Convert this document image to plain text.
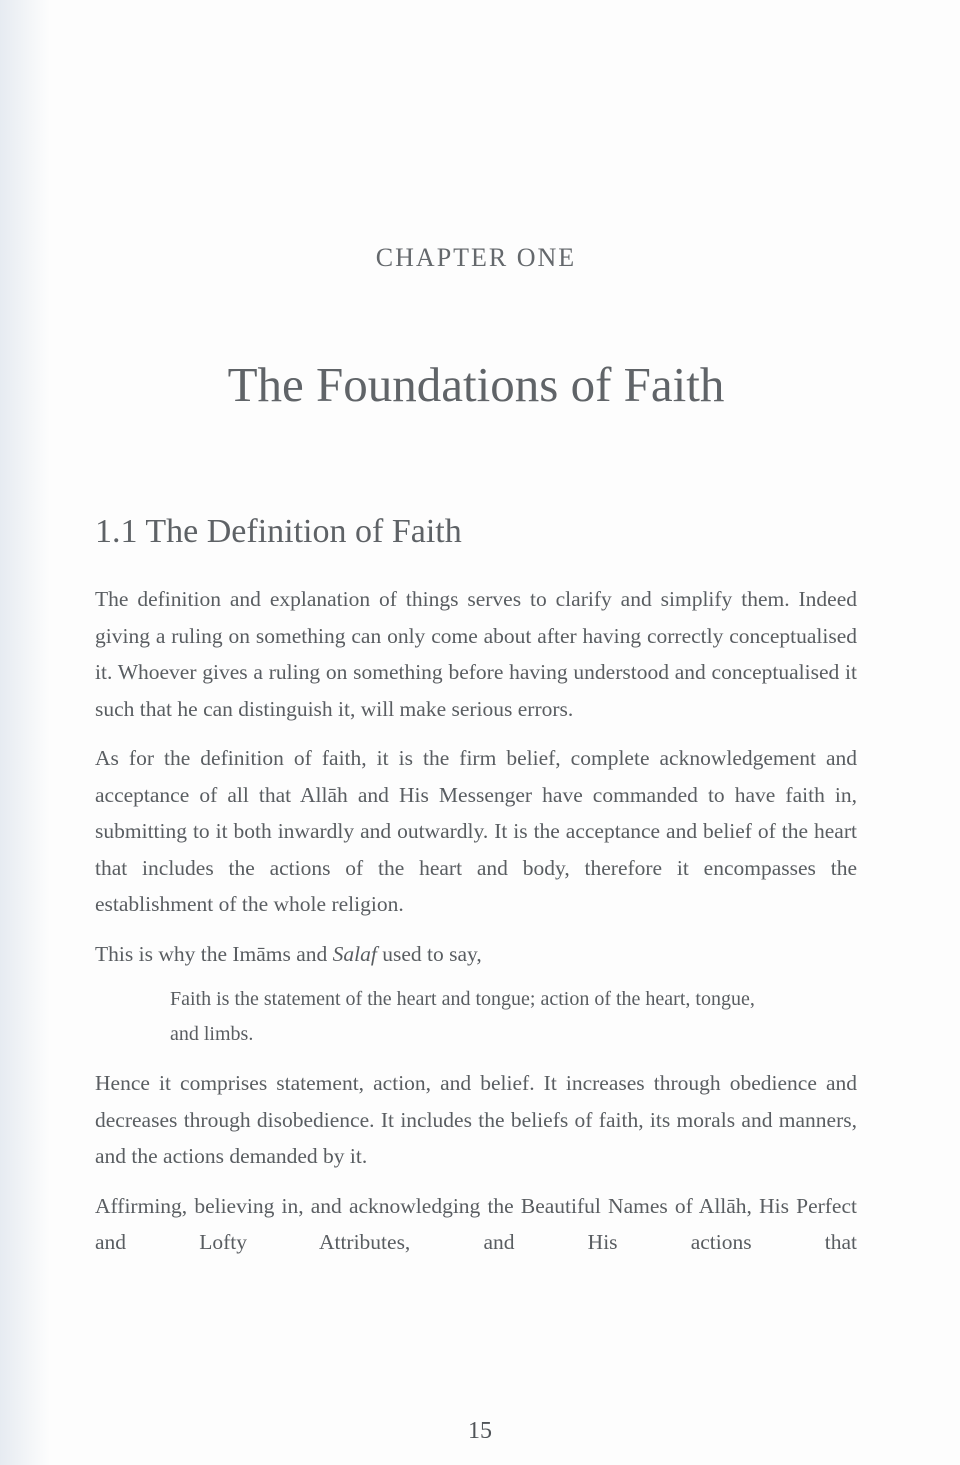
CHAPTER ONE
The Foundations of Faith
1.1 The Definition of Faith

The definition and explanation of things serves to clarify and simplify them. Indeed giving a ruling on something can only come about after having correctly conceptualised it. Whoever gives a ruling on something before having understood and conceptualised it such that he can distinguish it, will make serious errors.

As for the definition of faith, it is the firm belief, complete acknowledgement and acceptance of all that Allāh and His Messenger have commanded to have faith in, submitting to it both inwardly and outwardly. It is the acceptance and belief of the heart that includes the actions of the heart and body, therefore it encompasses the establishment of the whole religion.

This is why the Imāms and Salaf used to say,

Faith is the statement of the heart and tongue; action of the heart, tongue, and limbs.

Hence it comprises statement, action, and belief. It increases through obedience and decreases through disobedience. It includes the beliefs of faith, its morals and manners, and the actions demanded by it.

Affirming, believing in, and acknowledging the Beautiful Names of Allāh, His Perfect and Lofty Attributes, and His actions that

15
